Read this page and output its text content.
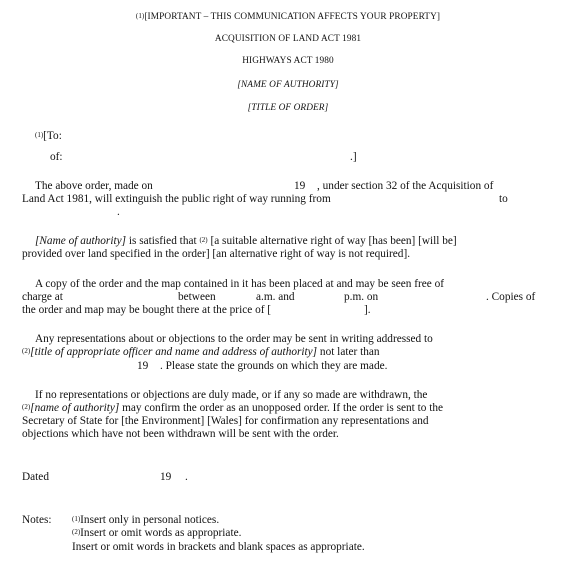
$^{(1)}$[IMPORTANT – THIS COMMUNICATION AFFECTS YOUR PROPERTY]
ACQUISITION OF LAND ACT 1981
HIGHWAYS ACT 1980
[NAME OF AUTHORITY]
[TITLE OF ORDER]
$^{(1)}$[To:
of:	.]
The above order, made on	19 , under section 32 of the Acquisition of
Land Act 1981, will extinguish the public right of way running from	to
.
[Name of authority] is satisfied that $^{(2)}$ [a suitable alternative right of way [has been] [will be]
provided over land specified in the order] [an alternative right of way is not required].
A copy of the order and the map contained in it has been placed at and may be seen free of
charge at	between	a.m. and	p.m. on	. Copies of
the order and map may be bought there at the price of [	].
Any representations about or objections to the order may be sent in writing addressed to
$^{(2)}$[title of appropriate officer and name and address of authority] not later than
19 . Please state the grounds on which they are made.
If no representations or objections are duly made, or if any so made are withdrawn, the
$^{(2)}$[name of authority] may confirm the order as an unopposed order. If the order is sent to the
Secretary of State for [the Environment] [Wales] for confirmation any representations and
objections which have not been withdrawn will be sent with the order.
Dated	19 .
Notes:	$^{(1)}$Insert only in personal notices.
$^{(2)}$Insert or omit words as appropriate.
Insert or omit words in brackets and blank spaces as appropriate.
